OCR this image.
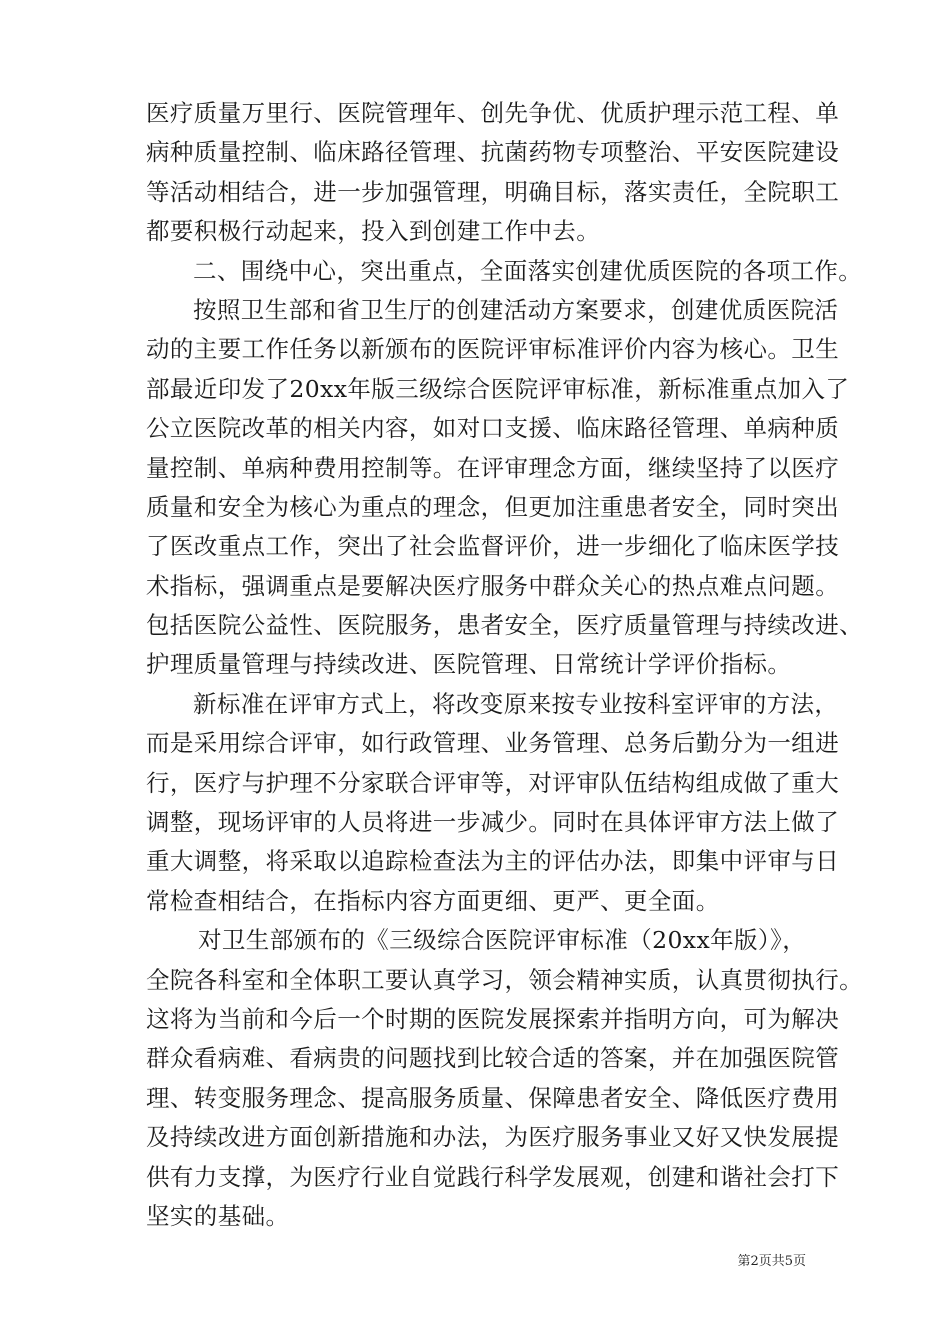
医疗质量万里行、医院管理年、创先争优、优质护理示范工程、单
病种质量控制、临床路径管理、抗菌药物专项整治、平安医院建设
等活动相结合，进一步加强管理，明确目标，落实责任，全院职工
都要积极行动起来，投入到创建工作中去。
二、围绕中心，突出重点，全面落实创建优质医院的各项工作。
按照卫生部和省卫生厅的创建活动方案要求，创建优质医院活
动的主要工作任务以新颁布的医院评审标准评价内容为核心。卫生
部最近印发了20xx年版三级综合医院评审标准，新标准重点加入了
公立医院改革的相关内容，如对口支援、临床路径管理、单病种质
量控制、单病种费用控制等。在评审理念方面，继续坚持了以医疗
质量和安全为核心为重点的理念，但更加注重患者安全，同时突出
了医改重点工作，突出了社会监督评价，进一步细化了临床医学技
术指标，强调重点是要解决医疗服务中群众关心的热点难点问题。
包括医院公益性、医院服务，患者安全，医疗质量管理与持续改进、
护理质量管理与持续改进、医院管理、日常统计学评价指标。
新标准在评审方式上，将改变原来按专业按科室评审的方法，
而是采用综合评审，如行政管理、业务管理、总务后勤分为一组进
行，医疗与护理不分家联合评审等，对评审队伍结构组成做了重大
调整，现场评审的人员将进一步减少。同时在具体评审方法上做了
重大调整，将采取以追踪检查法为主的评估办法，即集中评审与日
常检查相结合，在指标内容方面更细、更严、更全面。
对卫生部颁布的《三级综合医院评审标准（20xx年版）》，
全院各科室和全体职工要认真学习，领会精神实质，认真贯彻执行。
这将为当前和今后一个时期的医院发展探索并指明方向，可为解决
群众看病难、看病贵的问题找到比较合适的答案，并在加强医院管
理、转变服务理念、提高服务质量、保障患者安全、降低医疗费用
及持续改进方面创新措施和办法，为医疗服务事业又好又快发展提
供有力支撑，为医疗行业自觉践行科学发展观，创建和谐社会打下
坚实的基础。
第2页共5页
